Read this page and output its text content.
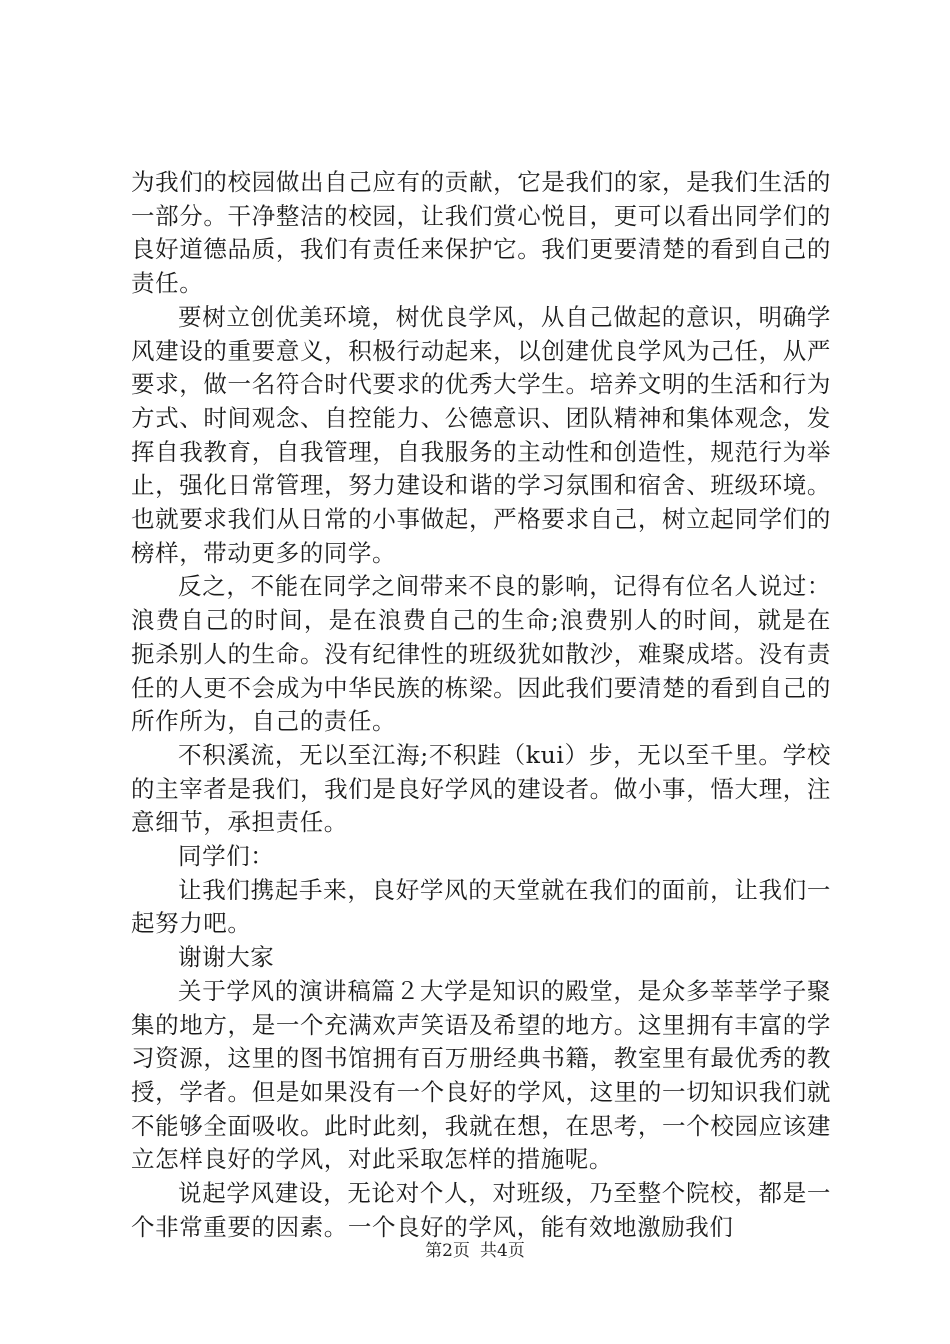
为我们的校园做出自己应有的贡献，它是我们的家，是我们生活的一部分。干净整洁的校园，让我们赏心悦目，更可以看出同学们的良好道德品质，我们有责任来保护它。我们更要清楚的看到自己的责任。

要树立创优美环境，树优良学风，从自己做起的意识，明确学风建设的重要意义，积极行动起来，以创建优良学风为己任，从严要求，做一名符合时代要求的优秀大学生。培养文明的生活和行为方式、时间观念、自控能力、公德意识、团队精神和集体观念，发挥自我教育，自我管理，自我服务的主动性和创造性，规范行为举止，强化日常管理，努力建设和谐的学习氛围和宿舍、班级环境。也就要求我们从日常的小事做起，严格要求自己，树立起同学们的榜样，带动更多的同学。

反之，不能在同学之间带来不良的影响，记得有位名人说过：浪费自己的时间，是在浪费自己的生命;浪费别人的时间，就是在扼杀别人的生命。没有纪律性的班级犹如散沙，难聚成塔。没有责任的人更不会成为中华民族的栋梁。因此我们要清楚的看到自己的所作所为，自己的责任。

不积溪流，无以至江海;不积跬（kui）步，无以至千里。学校的主宰者是我们，我们是良好学风的建设者。做小事，悟大理，注意细节，承担责任。

同学们：

让我们携起手来，良好学风的天堂就在我们的面前，让我们一起努力吧。

谢谢大家

关于学风的演讲稿篇２大学是知识的殿堂，是众多莘莘学子聚集的地方，是一个充满欢声笑语及希望的地方。这里拥有丰富的学习资源，这里的图书馆拥有百万册经典书籍，教室里有最优秀的教授，学者。但是如果没有一个良好的学风，这里的一切知识我们就不能够全面吸收。此时此刻，我就在想，在思考，一个校园应该建立怎样良好的学风，对此采取怎样的措施呢。

说起学风建设，无论对个人，对班级，乃至整个院校，都是一个非常重要的因素。一个良好的学风，能有效地激励我们

第2页 共4页
